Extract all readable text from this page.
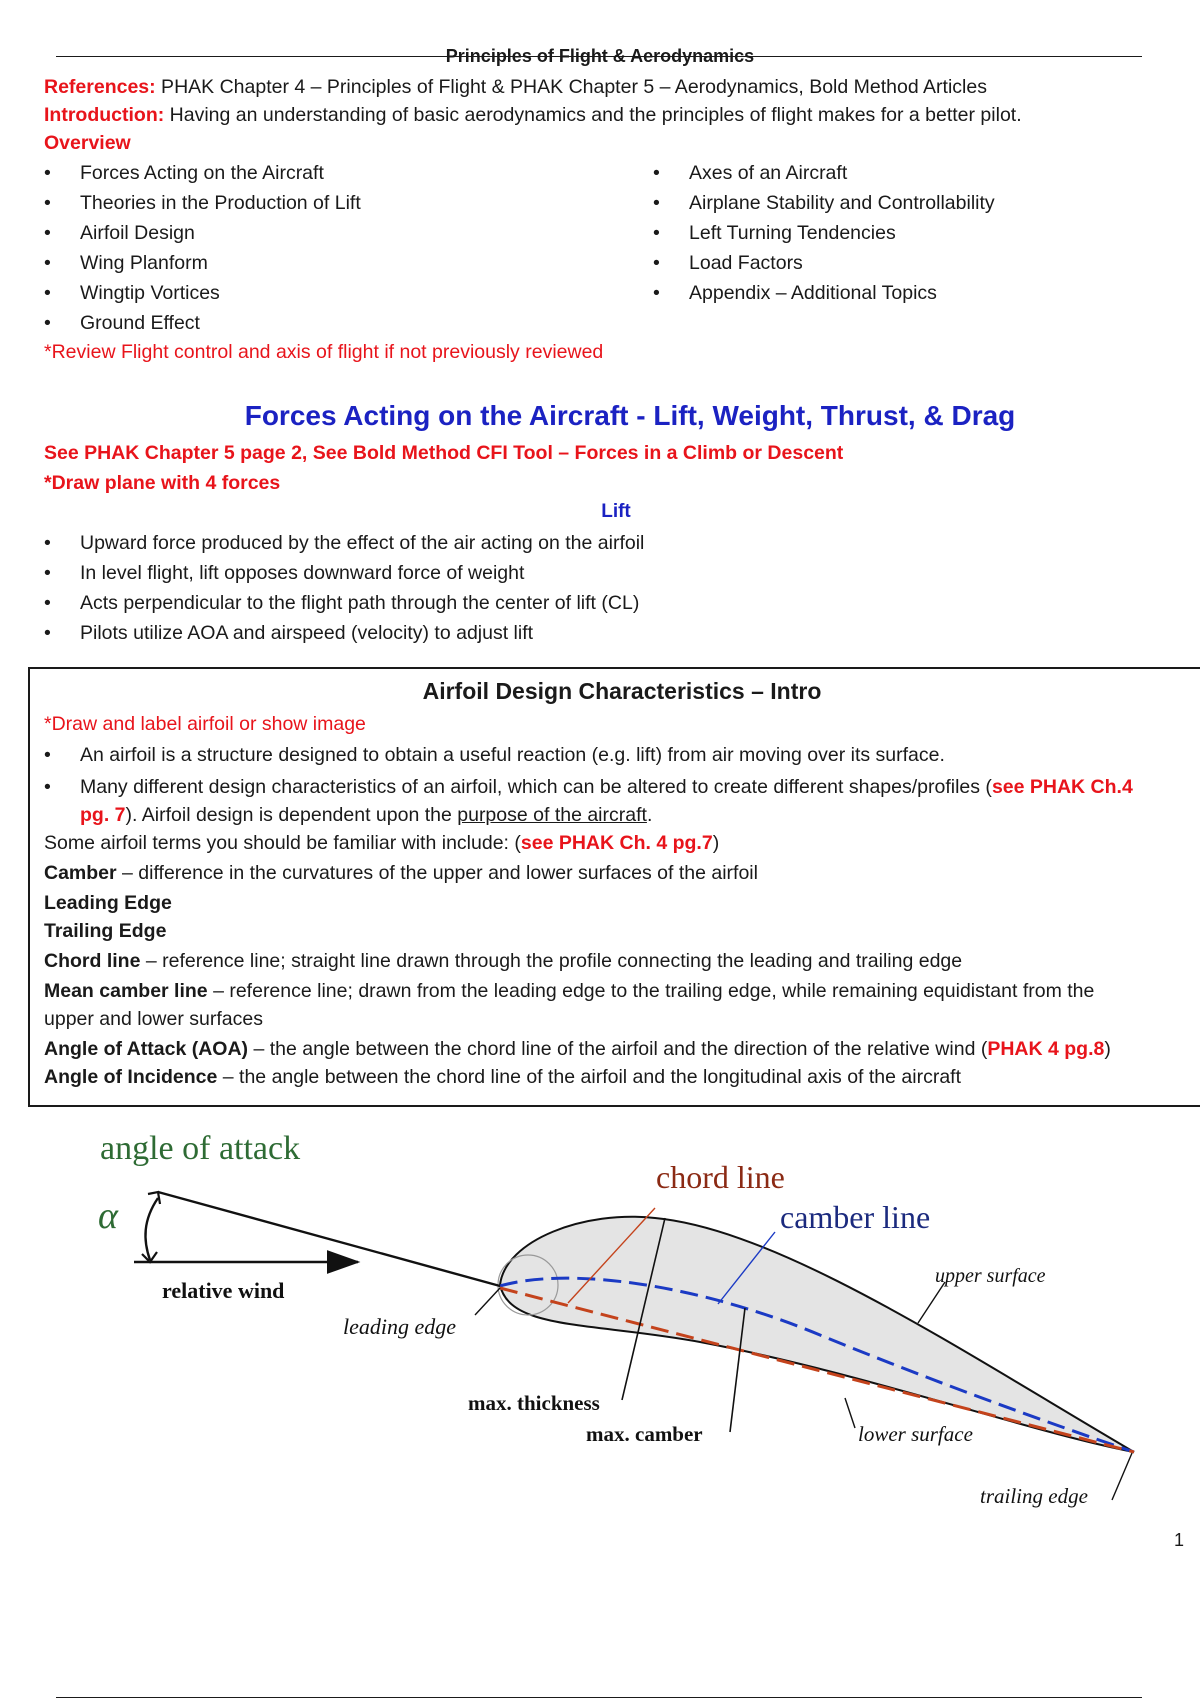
Principles of Flight & Aerodynamics
References: PHAK Chapter 4 – Principles of Flight & PHAK Chapter 5 – Aerodynamics, Bold Method Articles
Introduction: Having an understanding of basic aerodynamics and the principles of flight makes for a better pilot.
Overview
• Forces Acting on the Aircraft
• Theories in the Production of Lift
• Airfoil Design
• Wing Planform
• Wingtip Vortices
• Ground Effect
• Axes of an Aircraft
• Airplane Stability and Controllability
• Left Turning Tendencies
• Load Factors
• Appendix – Additional Topics
*Review Flight control and axis of flight if not previously reviewed
Forces Acting on the Aircraft - Lift, Weight, Thrust, & Drag
See PHAK Chapter 5 page 2, See Bold Method CFI Tool – Forces in a Climb or Descent
*Draw plane with 4 forces
Lift
• Upward force produced by the effect of the air acting on the airfoil
• In level flight, lift opposes downward force of weight
• Acts perpendicular to the flight path through the center of lift (CL)
• Pilots utilize AOA and airspeed (velocity) to adjust lift
Airfoil Design Characteristics – Intro
*Draw and label airfoil or show image
• An airfoil is a structure designed to obtain a useful reaction (e.g. lift) from air moving over its surface.
• Many different design characteristics of an airfoil, which can be altered to create different shapes/profiles (see PHAK Ch.4
pg. 7). Airfoil design is dependent upon the purpose of the aircraft.
Some airfoil terms you should be familiar with include: (see PHAK Ch. 4 pg.7)
Camber – difference in the curvatures of the upper and lower surfaces of the airfoil
Leading Edge
Trailing Edge
Chord line – reference line; straight line drawn through the profile connecting the leading and trailing edge
Mean camber line – reference line; drawn from the leading edge to the trailing edge, while remaining equidistant from the
upper and lower surfaces
Angle of Attack (AOA) – the angle between the chord line of the airfoil and the direction of the relative wind (PHAK 4 pg.8)
Angle of Incidence – the angle between the chord line of the airfoil and the longitudinal axis of the aircraft
angle of attack
α
relative wind
chord line
camber line
upper surface
leading edge
max. thickness
max. camber	lower surface
trailing edge
1
